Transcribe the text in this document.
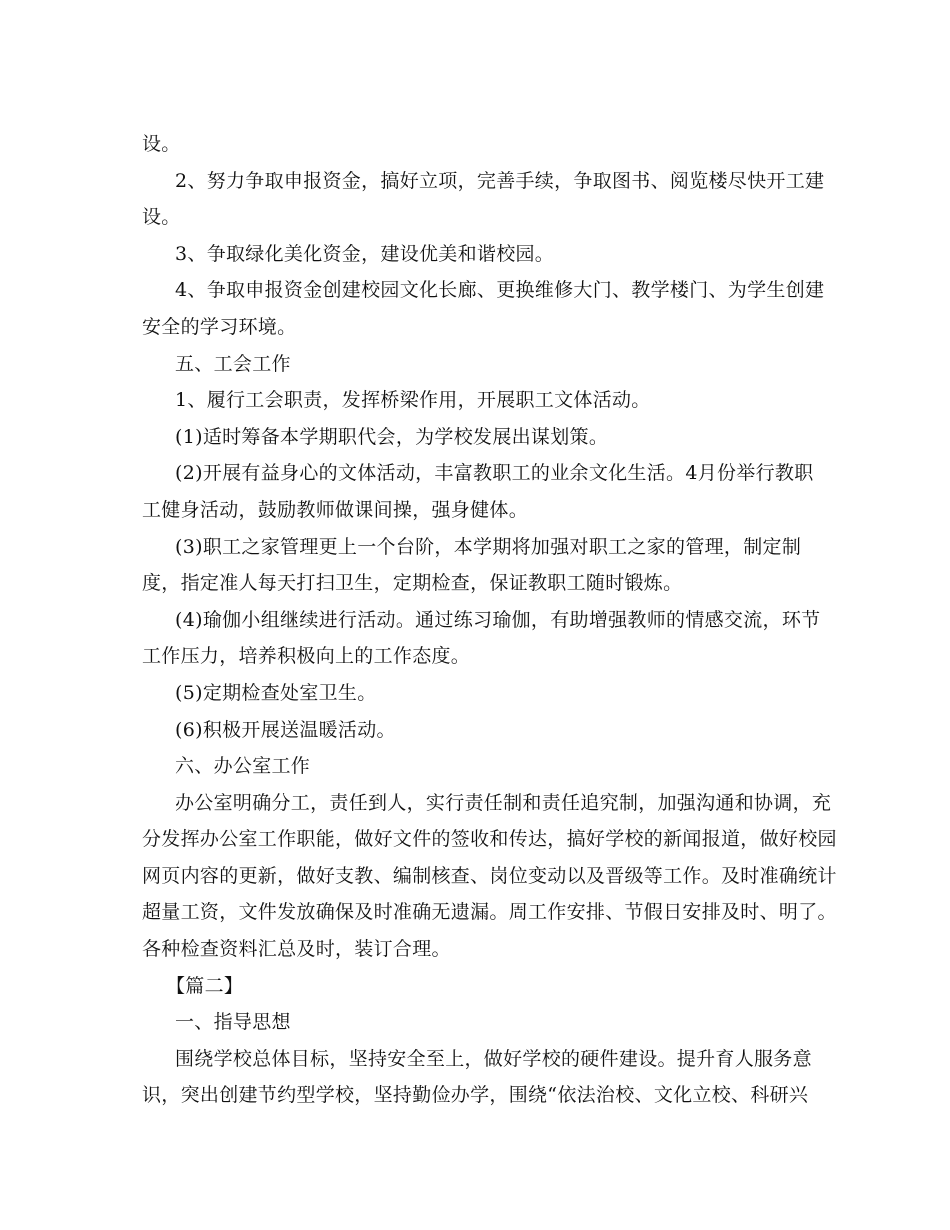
设。
2、努力争取申报资金，搞好立项，完善手续，争取图书、阅览楼尽快开工建
设。
3、争取绿化美化资金，建设优美和谐校园。
4、争取申报资金创建校园文化长廊、更换维修大门、教学楼门、为学生创建
安全的学习环境。
五、工会工作
1、履行工会职责，发挥桥梁作用，开展职工文体活动。
(1)适时筹备本学期职代会，为学校发展出谋划策。
(2)开展有益身心的文体活动，丰富教职工的业余文化生活。4月份举行教职
工健身活动，鼓励教师做课间操，强身健体。
(3)职工之家管理更上一个台阶，本学期将加强对职工之家的管理，制定制
度，指定准人每天打扫卫生，定期检查，保证教职工随时锻炼。
(4)瑜伽小组继续进行活动。通过练习瑜伽，有助增强教师的情感交流，环节
工作压力，培养积极向上的工作态度。
(5)定期检查处室卫生。
(6)积极开展送温暖活动。
六、办公室工作
办公室明确分工，责任到人，实行责任制和责任追究制，加强沟通和协调，充
分发挥办公室工作职能，做好文件的签收和传达，搞好学校的新闻报道，做好校园
网页内容的更新，做好支教、编制核查、岗位变动以及晋级等工作。及时准确统计
超量工资，文件发放确保及时准确无遗漏。周工作安排、节假日安排及时、明了。
各种检查资料汇总及时，装订合理。
【篇二】
一、指导思想
围绕学校总体目标，坚持安全至上，做好学校的硬件建设。提升育人服务意
识，突出创建节约型学校，坚持勤俭办学，围绕“依法治校、文化立校、科研兴
